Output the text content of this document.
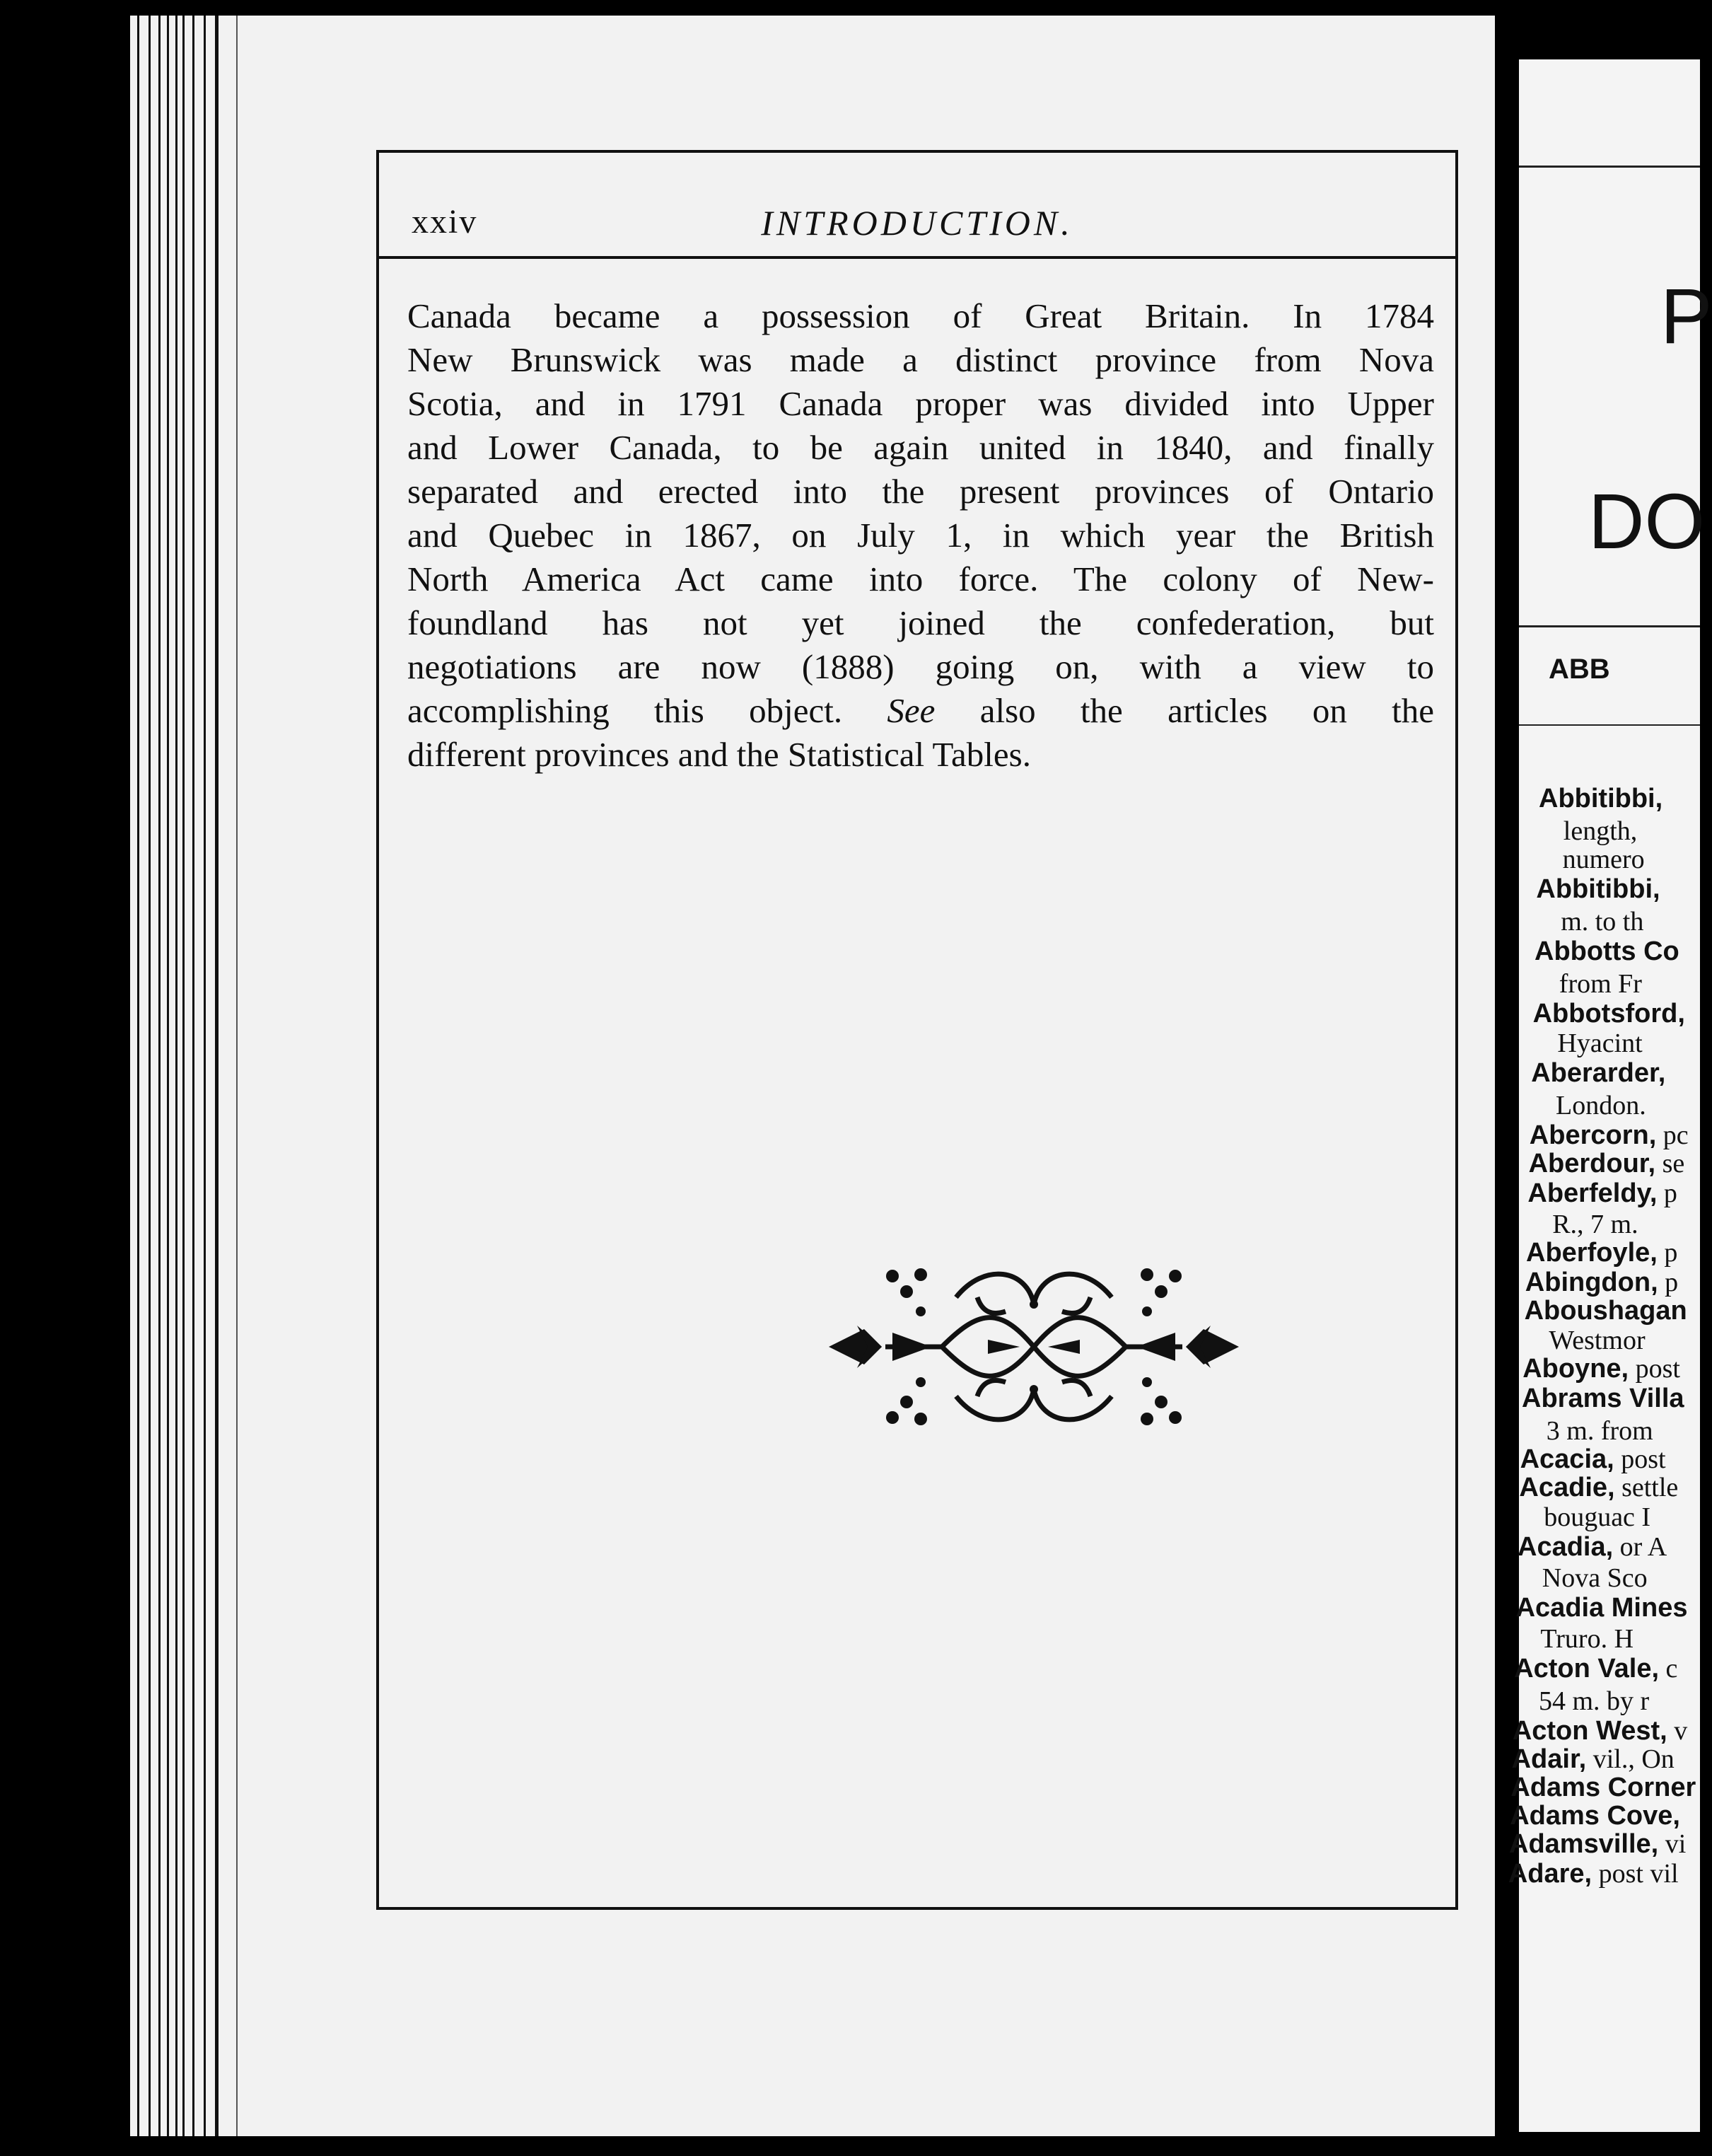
xxiv	INTRODUCTION.
Canada became a possession of Great Britain. In 1784
New Brunswick was made a distinct province from Nova
Scotia, and in 1791 Canada proper was divided into Upper
and Lower Canada, to be again united in 1840, and finally
separated and erected into the present provinces of Ontario
and Quebec in 1867, on July 1, in which year the British
North America Act came into force. The colony of New-
foundland has not yet joined the confederation, but
negotiations are now (1888) going on, with a view to
accomplishing this object. See also the articles on the
different provinces and the Statistical Tables.
P
DO
ABB
Abbitibbi,
length,
numero
Abbitibbi,
m. to th
Abbotts Co
from Fr
Abbotsford,
Hyacint
Aberarder,
London.
Abercorn, pc
Aberdour, se
Aberfeldy, p
R., 7 m.
Aberfoyle, p
Abingdon, p
Aboushagan
Westmor
Aboyne, post
Abrams Villa
3 m. from
Acacia, post
Acadie, settle
bouguac I
Acadia, or A
Nova Sco
Acadia Mines
Truro. H
Acton Vale, c
54 m. by r
Acton West, v
Adair, vil., On
Adams Corner
Adams Cove,
Adamsville, vi
Adare, post vil
